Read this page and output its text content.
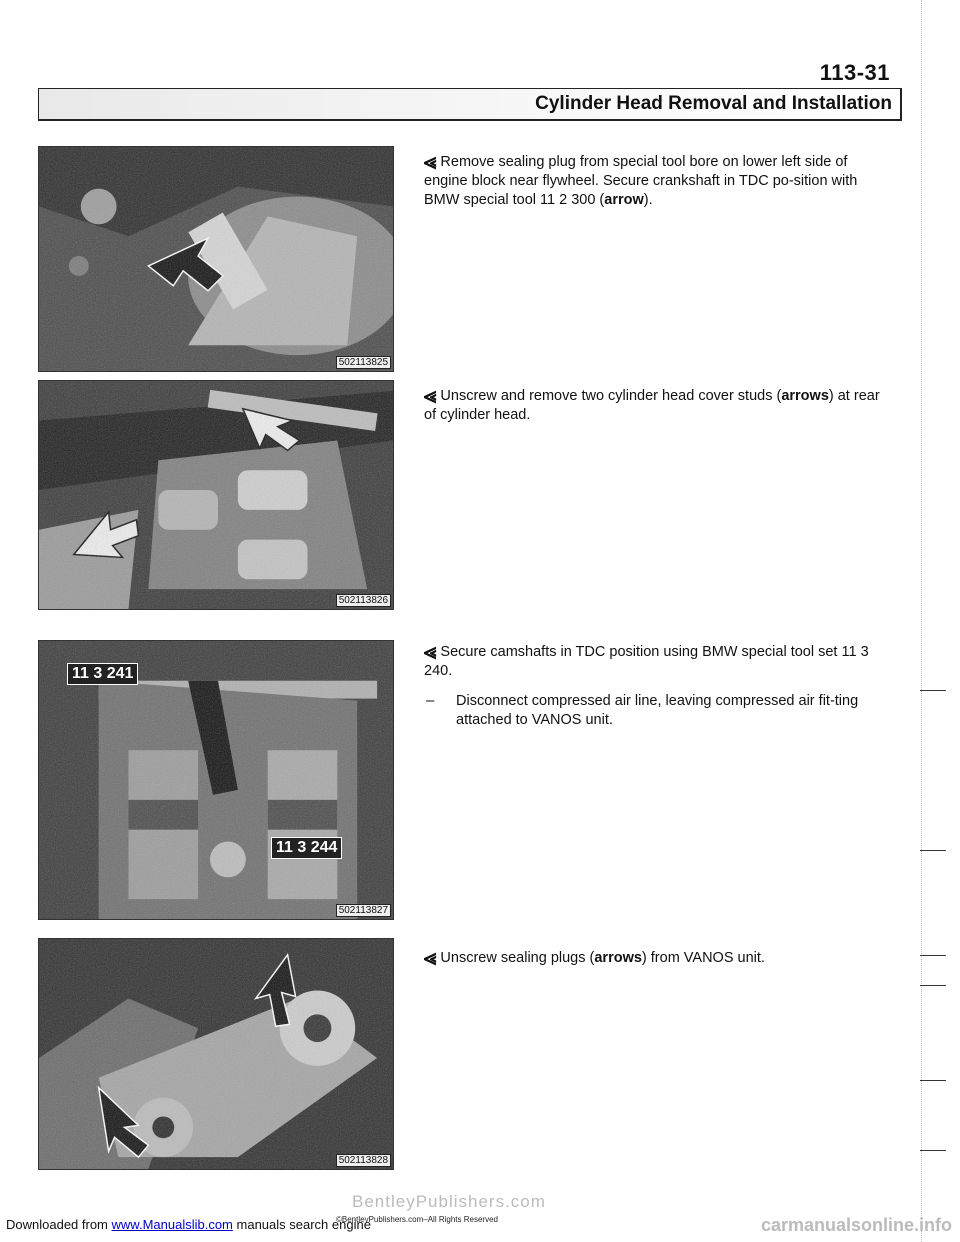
113-31
Cylinder Head Removal and Installation
502113825
502113826
11 3 241
11 3 244
502113827
502113828
⪡ Remove sealing plug from special tool bore on lower left side of engine block near flywheel. Secure crankshaft in TDC po-sition with BMW special tool 11 2 300 (arrow).
⪡ Unscrew and remove two cylinder head cover studs (arrows) at rear of cylinder head.
⪡ Secure camshafts in TDC position using BMW special tool set 11 3 240.
– Disconnect compressed air line, leaving compressed air fit-ting attached to VANOS unit.
⪡ Unscrew sealing plugs (arrows) from VANOS unit.
Downloaded from www.Manualslib.com manuals search engine
BentleyPublishers.com
©BentleyPublishers.com–All Rights Reserved	carmanualsonline.info
